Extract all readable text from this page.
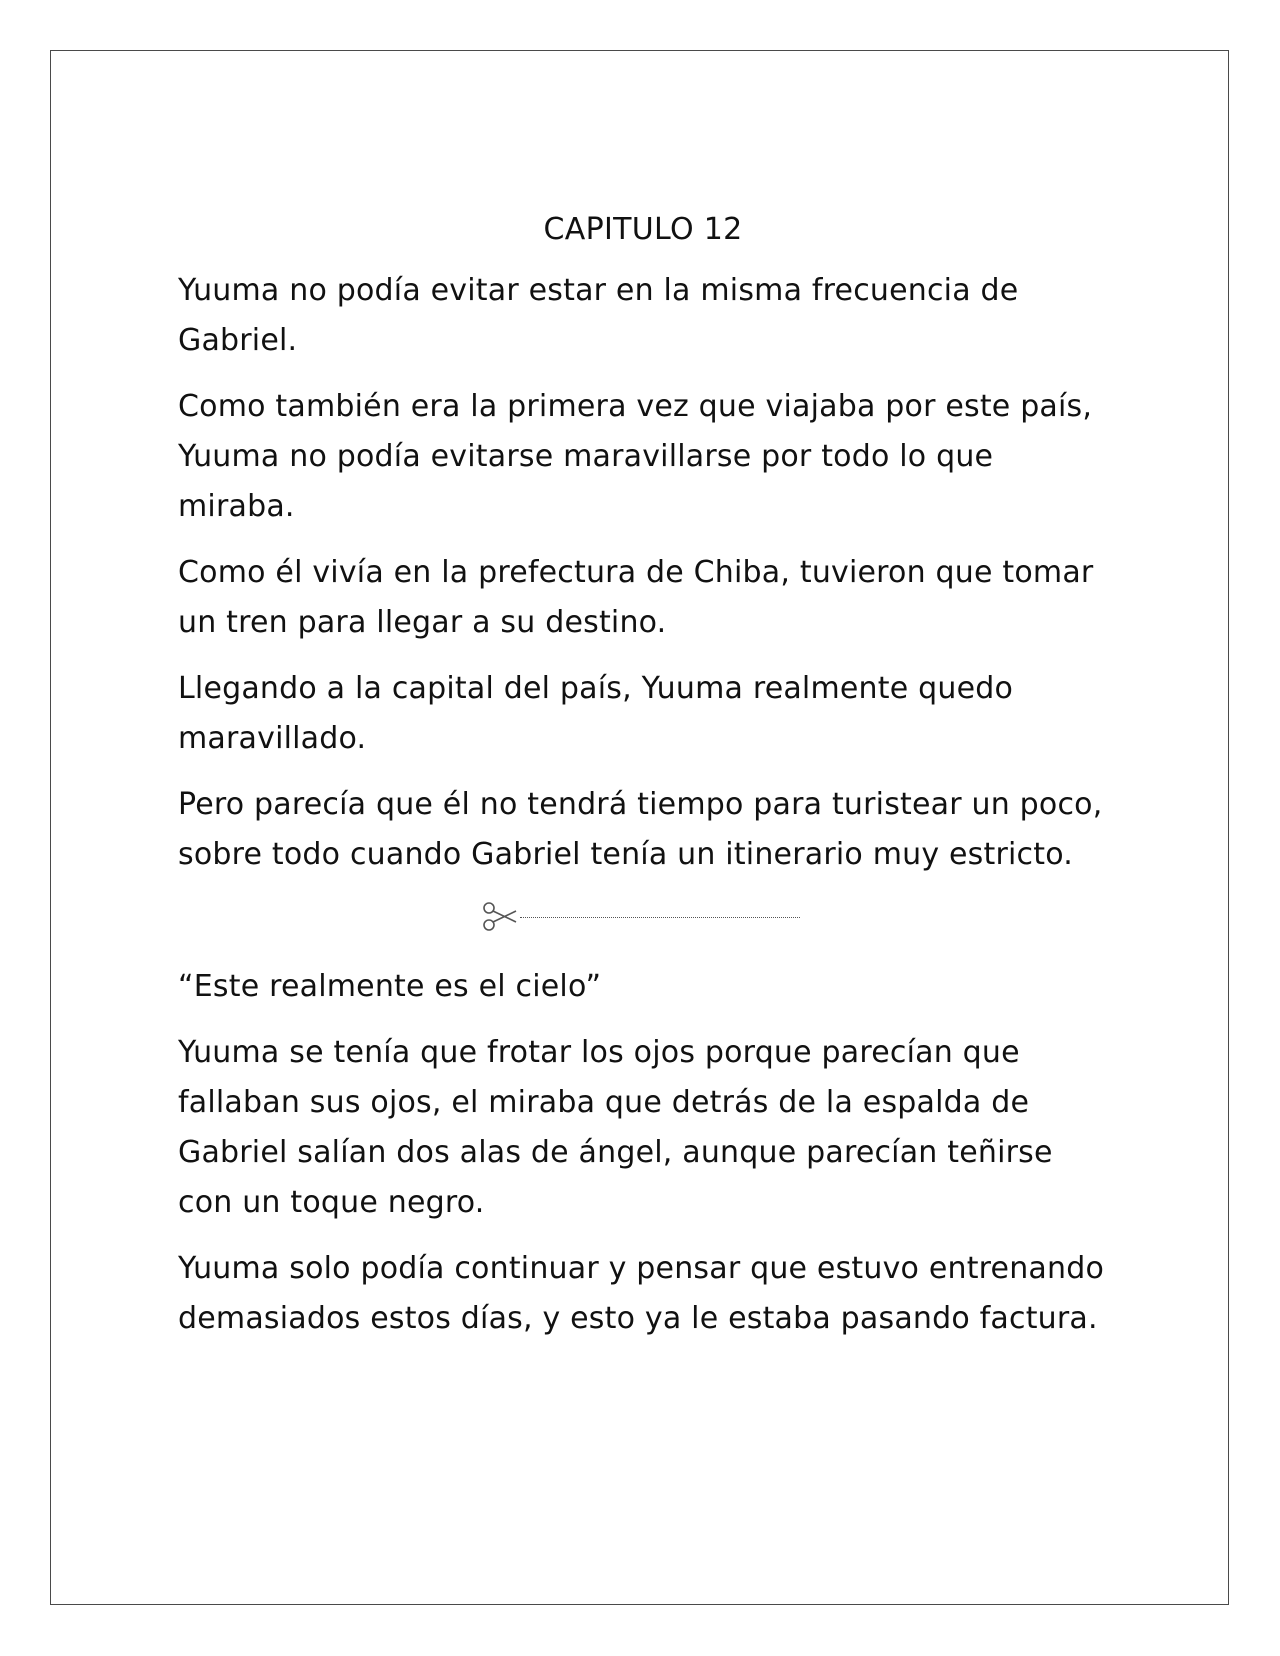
CAPITULO 12

Yuuma no podía evitar estar en la misma frecuencia de Gabriel.

Como también era la primera vez que viajaba por este país, Yuuma no podía evitarse maravillarse por todo lo que miraba.

Como él vivía en la prefectura de Chiba, tuvieron que tomar un tren para llegar a su destino.

Llegando a la capital del país, Yuuma realmente quedo maravillado.

Pero parecía que él no tendrá tiempo para turistear un poco, sobre todo cuando Gabriel tenía un itinerario muy estricto.

“Este realmente es el cielo”

Yuuma se tenía que frotar los ojos porque parecían que fallaban sus ojos, el miraba que detrás de la espalda de Gabriel salían dos alas de ángel, aunque parecían teñirse con un toque negro.

Yuuma solo podía continuar y pensar que estuvo entrenando demasiados estos días, y esto ya le estaba pasando factura.
